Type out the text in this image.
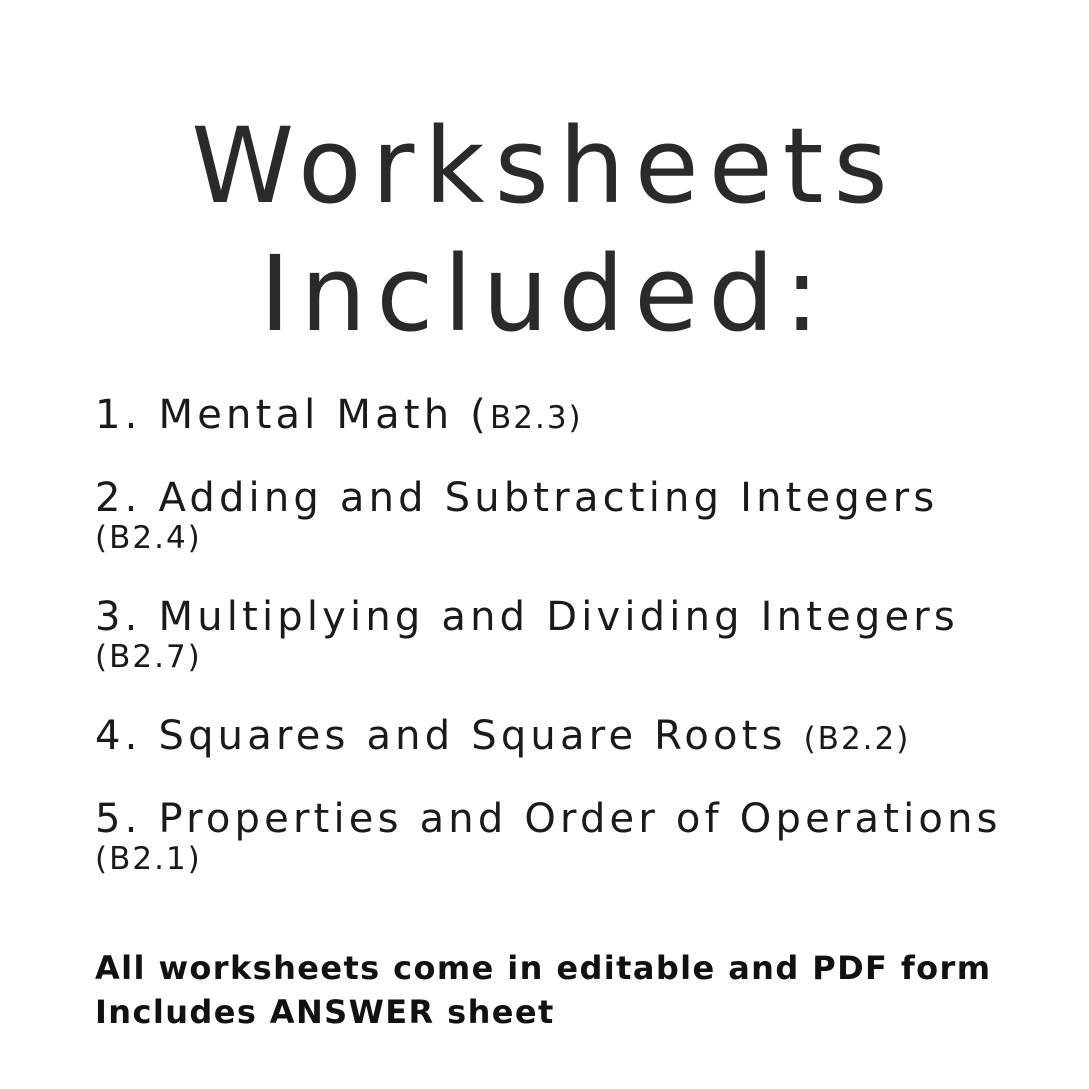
Worksheets
Included:
1. Mental Math (B2.3)
2. Adding and Subtracting Integers
(B2.4)
3. Multiplying and Dividing Integers
(B2.7)
4. Squares and Square Roots (B2.2)
5. Properties and Order of Operations
(B2.1)

All worksheets come in editable and PDF form
Includes ANSWER sheet
